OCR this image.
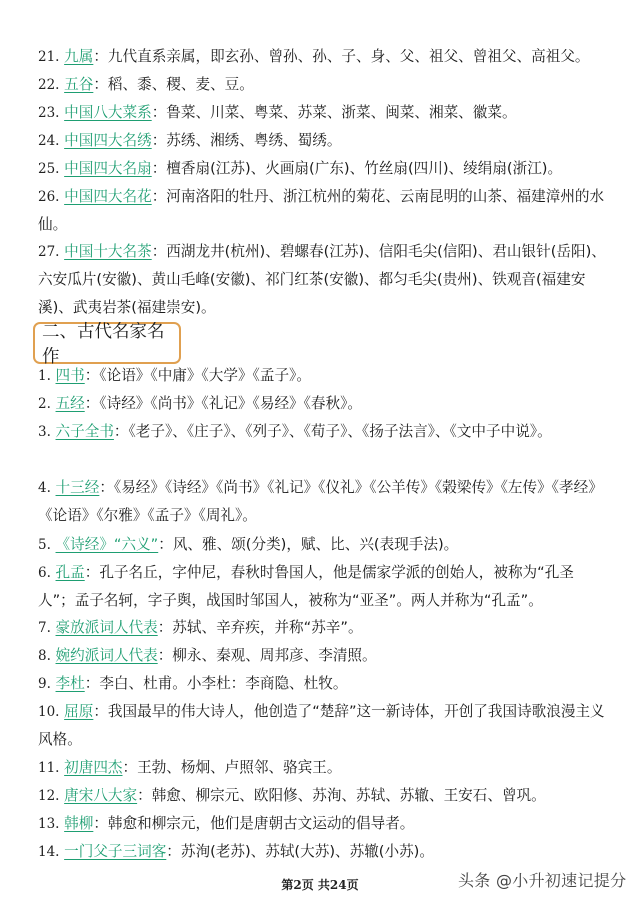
21. 九属：九代直系亲属，即玄孙、曾孙、孙、子、身、父、祖父、曾祖父、高祖父。
22. 五谷：稻、黍、稷、麦、豆。
23. 中国八大菜系：鲁菜、川菜、粤菜、苏菜、浙菜、闽菜、湘菜、徽菜。
24. 中国四大名绣：苏绣、湘绣、粤绣、蜀绣。
25. 中国四大名扇：檀香扇(江苏)、火画扇(广东)、竹丝扇(四川)、绫绢扇(浙江)。
26. 中国四大名花：河南洛阳的牡丹、浙江杭州的菊花、云南昆明的山茶、福建漳州的水仙。
27. 中国十大名茶：西湖龙井(杭州)、碧螺春(江苏)、信阳毛尖(信阳)、君山银针(岳阳)、六安瓜片(安徽)、黄山毛峰(安徽)、祁门红茶(安徽)、都匀毛尖(贵州)、铁观音(福建安溪)、武夷岩茶(福建崇安)。
二、古代名家名作
1. 四书：《论语》《中庸》《大学》《孟子》。
2. 五经：《诗经》《尚书》《礼记》《易经》《春秋》。
3. 六子全书：《老子》、《庄子》、《列子》、《荀子》、《扬子法言》、《文中子中说》。
4. 十三经：《易经》《诗经》《尚书》《礼记》《仪礼》《公羊传》《榖梁传》《左传》《孝经》《论语》《尔雅》《孟子》《周礼》。
5. 《诗经》“六义”：风、雅、颂(分类)，赋、比、兴(表现手法)。
6. 孔孟：孔子名丘，字仲尼，春秋时鲁国人，他是儒家学派的创始人，被称为“孔圣人”；孟子名轲，字子舆，战国时邹国人，被称为“亚圣”。两人并称为“孔孟”。
7. 豪放派词人代表：苏轼、辛弃疾，并称“苏辛”。
8. 婉约派词人代表：柳永、秦观、周邦彦、李清照。
9. 李杜：李白、杜甫。小李杜：李商隐、杜牧。
10. 屈原：我国最早的伟大诗人，他创造了“楚辞”这一新诗体，开创了我国诗歌浪漫主义风格。
11. 初唐四杰：王勃、杨炯、卢照邻、骆宾王。
12. 唐宋八大家：韩愈、柳宗元、欧阳修、苏洵、苏轼、苏辙、王安石、曾巩。
13. 韩柳：韩愈和柳宗元，他们是唐朝古文运动的倡导者。
14. 一门父子三词客：苏洵(老苏)、苏轼(大苏)、苏辙(小苏)。
第2页 共24页	头条 @小升初速记提分
